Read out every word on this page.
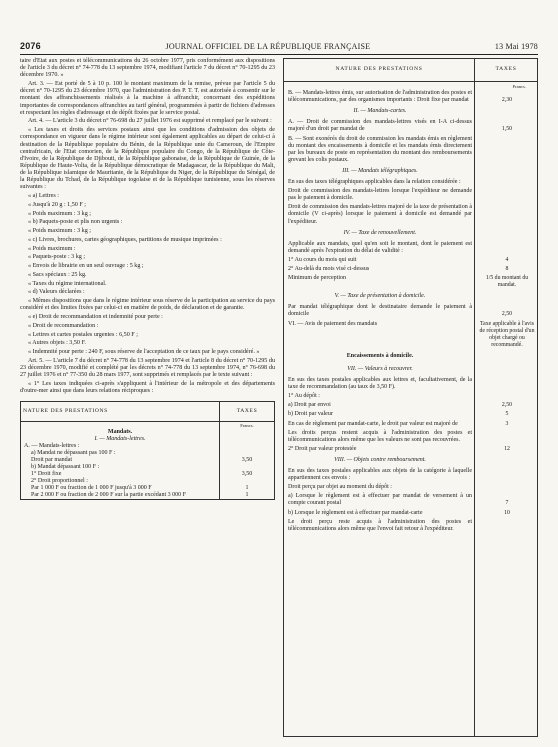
2076	JOURNAL OFFICIEL DE LA RÉPUBLIQUE FRANÇAISE	13 Mai 1978

taire d'Etat aux postes et télécommunications du 26 octobre 1977, pris conformément aux dispositions de l'article 3 du décret n° 74-778 du 13 septembre 1974, modifiant l'article 7 du décret n° 70-1295 du 23 décembre 1970. »

Art. 3. — Est porté de 5 à 10 p. 100 le montant maximum de la remise, prévue par l'article 5 du décret n° 70-1295 du 23 décembre 1970, que l'administration des P. T. T. est autorisée à consentir sur le montant des affranchissements réalisés à la machine à affranchir, concernant des expéditions importantes de correspondances affranchies au tarif général, programmées à partir de fichiers d'adresses et respectant les règles d'adressage et de dépôt fixées par le service postal.

Art. 4. — L'article 3 du décret n° 76-698 du 27 juillet 1976 est supprimé et remplacé par le suivant :

« Les taxes et droits des services postaux ainsi que les conditions d'admission des objets de correspondance en vigueur dans le régime intérieur sont également applicables au départ de celui-ci à destination de la République populaire du Bénin, de la République unie du Cameroun, de l'Empire centrafricain, de l'Etat comorien, de la République populaire du Congo, de la République de Côte-d'Ivoire, de la République de Djibouti, de la République gabonaise, de la République de Guinée, de la République de Haute-Volta, de la République démocratique de Madagascar, de la République du Mali, de la République islamique de Mauritanie, de la République du Niger, de la République du Sénégal, de la République du Tchad, de la République togolaise et de la République tunisienne, sous les réserves suivantes :

« a) Lettres :

« Jusqu'à 20 g : 1,50 F ;

« Poids maximum : 3 kg ;

« b) Paquets-poste et plis non urgents :

« Poids maximum : 3 kg ;

« c) Livres, brochures, cartes géographiques, partitions de musique imprimées :

« Poids maximum :

« Paquets-poste : 3 kg ;

« Envois de librairie en un seul ouvrage : 5 kg ;

« Sacs spéciaux : 25 kg.

« Taxes du régime international.

« d) Valeurs déclarées :

« Mêmes dispositions que dans le régime intérieur sous réserve de la participation au service du pays considéré et des limites fixées par celui-ci en matière de poids, de déclaration et de garantie.

« e) Droit de recommandation et indemnité pour perte :

« Droit de recommandation :

« Lettres et cartes postales urgentes : 6,50 F ;

« Autres objets : 3,50 F.

« Indemnité pour perte : 240 F, sous réserve de l'acceptation de ce taux par le pays considéré. »

Art. 5. — L'article 7 du décret n° 74-778 du 13 septembre 1974 et l'article 8 du décret n° 70-1295 du 23 décembre 1970, modifié et complété par les décrets n° 74-778 du 13 septembre 1974, n° 76-698 du 27 juillet 1976 et n° 77-350 du 28 mars 1977, sont supprimés et remplacés par le texte suivant :

« 1° Les taxes indiquées ci-après s'appliquent à l'intérieur de la métropole et des départements d'outre-mer ainsi que dans leurs relations réciproques :

NATURE DES PRESTATIONS	TAXES
	Francs.
Mandats.	
I. — Mandats-lettres.	
A. — Mandats-lettres :	
a) Mandat ne dépassant pas 100 F :	
Droit par mandat	3,50
b) Mandat dépassant 100 F :	
1° Droit fixe	3,50
2° Droit proportionnel :	
Par 1 000 F ou fraction de 1 000 F jusqu'à 3 000 F	1
Par 2 000 F ou fraction de 2 000 F sur la partie excédant 3 000 F	1
NATURE DES PRESTATIONS	TAXES
Francs.
B. — Mandats-lettres émis, sur autorisation de l'administration des postes et télécommunications, par des organismes importants : Droit fixe par mandat	2,30
II. — Mandats-cartes.
A. — Droit de commission des mandats-lettres visés en I-A ci-dessus majoré d'un droit par mandat de	1,50
B. — Sont exonérés du droit de commission les mandats émis en règlement du montant des encaissements à domicile et les mandats émis directement par les bureaux de poste en représentation du montant des remboursements grevant les colis postaux.
III. — Mandats télégraphiques.
En sus des taxes télégraphiques applicables dans la relation considérée :
Droit de commission des mandats-lettres lorsque l'expéditeur ne demande pas le paiement à domicile.
Droit de commission des mandats-lettres majoré de la taxe de présentation à domicile (V ci-après) lorsque le paiement à domicile est demandé par l'expéditeur.
IV. — Taxe de renouvellement.
Applicable aux mandats, quel qu'en soit le montant, dont le paiement est demandé après l'expiration du délai de validité :
1° Au cours du mois qui suit	4
2° Au-delà du mois visé ci-dessus	8
Minimum de perception	1/5 du montant du mandat.
V. — Taxe de présentation à domicile.
Par mandat télégraphique dont le destinataire demande le paiement à domicile	2,50
VI. — Avis de paiement des mandats	Taxe applicable à l'avis de réception postal d'un objet chargé ou recommandé.
Encaissements à domicile.
VII. — Valeurs à recouvrer.
En sus des taxes postales applicables aux lettres et, facultativement, de la taxe de recommandation (au taux de 3,50 F).
1° Au dépôt :
a) Droit par envoi	2,50
b) Droit par valeur	5
En cas de règlement par mandat-carte, le droit par valeur est majoré de	3
Les droits perçus restent acquis à l'administration des postes et télécommunications alors même que les valeurs ne sont pas recouvrées.
2° Droit par valeur protestée	12
VIII. — Objets contre remboursement.
En sus des taxes postales applicables aux objets de la catégorie à laquelle appartiennent ces envois :
Droit perçu par objet au moment du dépôt :
a) Lorsque le règlement est à effectuer par mandat de versement à un compte courant postal	7
b) Lorsque le règlement est à effectuer par mandat-carte	10
Le droit perçu reste acquis à l'administration des postes et télécommunications alors même que l'envoi fait retour à l'expéditeur.
